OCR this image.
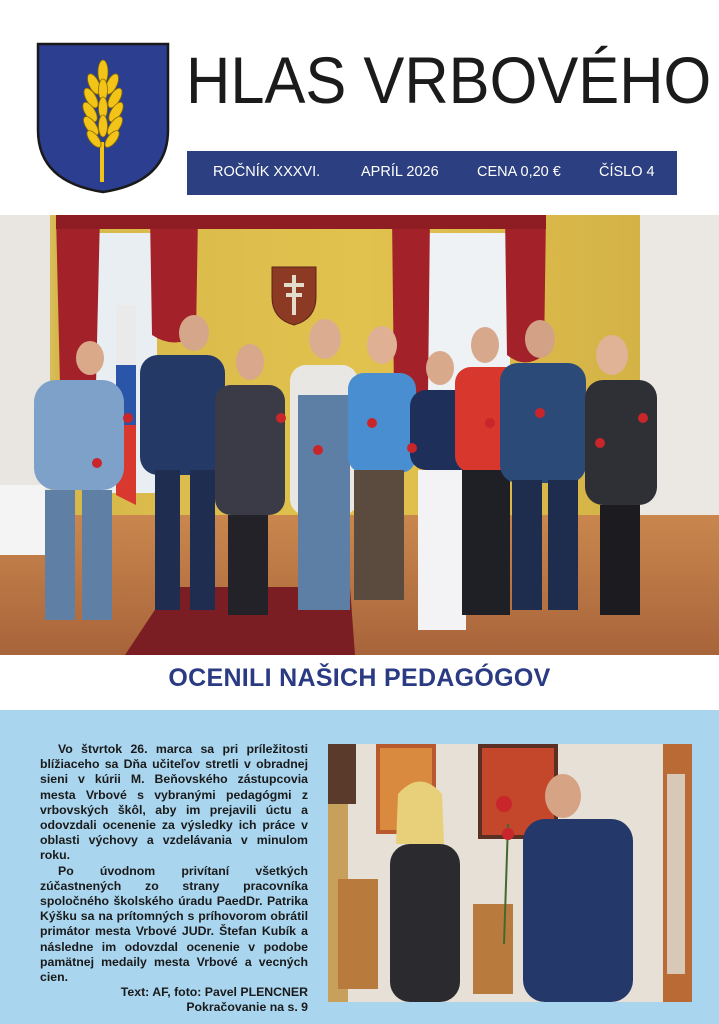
HLAS VRBOVÉHO
ROČNÍK XXXVI.	APRÍL 2026	CENA 0,20 €	ČÍSLO 4
OCENILI NAŠICH PEDAGÓGOV

Vo štvrtok 26. marca sa pri príležitosti blížiaceho sa Dňa učiteľov stretli v obradnej sieni v kúrii M. Beňovského zástupcovia mesta Vrbové s vybranými pedagógmi z vrbovských škôl, aby im prejavili úctu a odovzdali ocenenie za výsledky ich práce v oblasti výchovy a vzdelávania v minulom roku.

Po úvodnom privítaní všetkých zúčastnených zo strany pracovníka spoločného školského úradu PaedDr. Patrika Kýšku sa na prítomných s príhovorom obrátil primátor mesta Vrbové JUDr. Štefan Kubík a následne im odovzdal ocenenie v podobe pamätnej medaily mesta Vrbové a vecných cien.

Text: AF, foto: Pavel PLENCNER

Pokračovanie na s. 9
